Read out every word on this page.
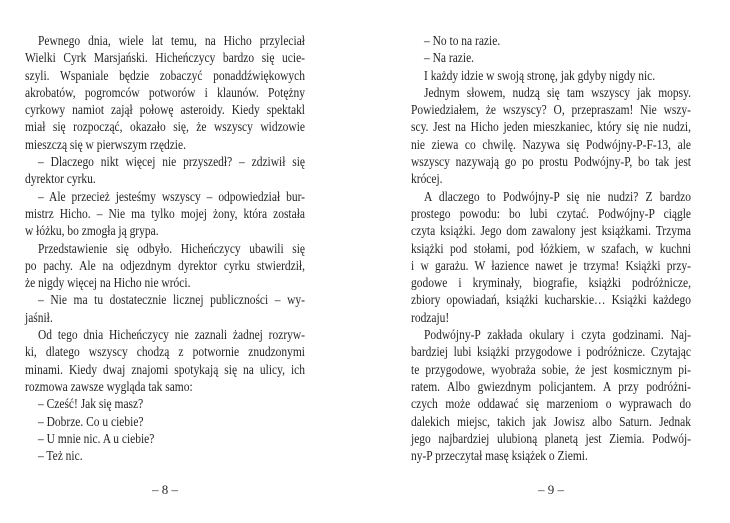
Pewnego dnia, wiele lat temu, na Hicho przyleciał
Wielki Cyrk Marsjański. Hicheńczycy bardzo się ucie-
szyli. Wspaniale będzie zobaczyć ponaddźwiękowych
akrobatów, pogromców potworów i klaunów. Potężny
cyrkowy namiot zajął połowę asteroidy. Kiedy spektakl
miał się rozpocząć, okazało się, że wszyscy widzowie
mieszczą się w pierwszym rzędzie.
– Dlaczego nikt więcej nie przyszedł? – zdziwił się
dyrektor cyrku.
– Ale przecież jesteśmy wszyscy – odpowiedział bur-
mistrz Hicho. – Nie ma tylko mojej żony, która została
w łóżku, bo zmogła ją grypa.
Przedstawienie się odbyło. Hicheńczycy ubawili się
po pachy. Ale na odjezdnym dyrektor cyrku stwierdził,
że nigdy więcej na Hicho nie wróci.
– Nie ma tu dostatecznie licznej publiczności – wy-
jaśnił.
Od tego dnia Hicheńczycy nie zaznali żadnej rozryw-
ki, dlatego wszyscy chodzą z potwornie znudzonymi
minami. Kiedy dwaj znajomi spotykają się na ulicy, ich
rozmowa zawsze wygląda tak samo:
– Cześć! Jak się masz?
– Dobrze. Co u ciebie?
– U mnie nic. A u ciebie?
– Też nic.
– No to na razie.
– Na razie.
I każdy idzie w swoją stronę, jak gdyby nigdy nic.
Jednym słowem, nudzą się tam wszyscy jak mopsy.
Powiedziałem, że wszyscy? O, przepraszam! Nie wszy-
scy. Jest na Hicho jeden mieszkaniec, który się nie nudzi,
nie ziewa co chwilę. Nazywa się Podwójny-P-F-13, ale
wszyscy nazywają go po prostu Podwójny-P, bo tak jest
krócej.
A dlaczego to Podwójny-P się nie nudzi? Z bardzo
prostego powodu: bo lubi czytać. Podwójny-P ciągle
czyta książki. Jego dom zawalony jest książkami. Trzyma
książki pod stołami, pod łóżkiem, w szafach, w kuchni
i w garażu. W łazience nawet je trzyma! Książki przy-
godowe i kryminały, biografie, książki podróżnicze,
zbiory opowiadań, książki kucharskie… Książki każdego
rodzaju!
Podwójny-P zakłada okulary i czyta godzinami. Naj-
bardziej lubi książki przygodowe i podróżnicze. Czytając
te przygodowe, wyobraża sobie, że jest kosmicznym pi-
ratem. Albo gwiezdnym policjantem. A przy podróżni-
czych może oddawać się marzeniom o wyprawach do
dalekich miejsc, takich jak Jowisz albo Saturn. Jednak
jego najbardziej ulubioną planetą jest Ziemia. Podwój-
ny-P przeczytał masę książek o Ziemi.
– 8 –	– 9 –
